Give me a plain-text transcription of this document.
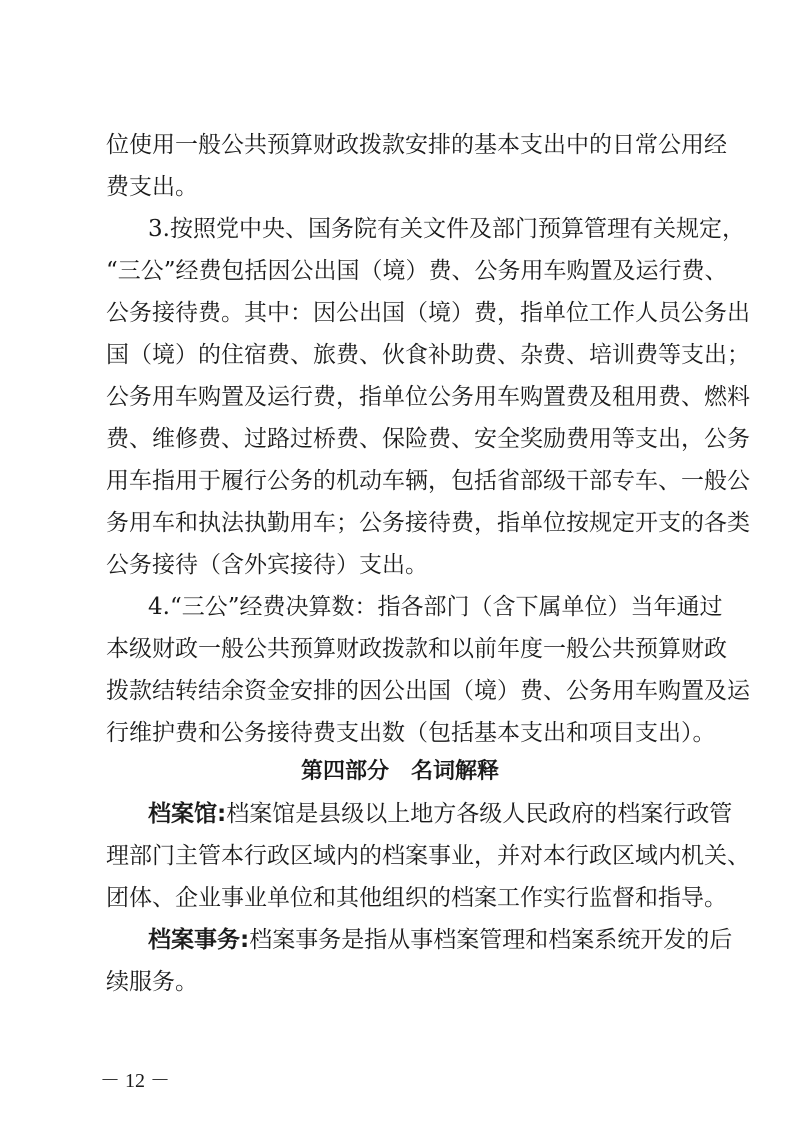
位使用一般公共预算财政拨款安排的基本支出中的日常公用经
费支出。
3.按照党中央、国务院有关文件及部门预算管理有关规定，
“三公”经费包括因公出国（境）费、公务用车购置及运行费、
公务接待费。其中：因公出国（境）费，指单位工作人员公务出
国（境）的住宿费、旅费、伙食补助费、杂费、培训费等支出；
公务用车购置及运行费，指单位公务用车购置费及租用费、燃料
费、维修费、过路过桥费、保险费、安全奖励费用等支出，公务
用车指用于履行公务的机动车辆，包括省部级干部专车、一般公
务用车和执法执勤用车；公务接待费，指单位按规定开支的各类
公务接待（含外宾接待）支出。
4.“三公”经费决算数：指各部门（含下属单位）当年通过
本级财政一般公共预算财政拨款和以前年度一般公共预算财政
拨款结转结余资金安排的因公出国（境）费、公务用车购置及运
行维护费和公务接待费支出数（包括基本支出和项目支出）。
第四部分　名词解释
档案馆:档案馆是县级以上地方各级人民政府的档案行政管
理部门主管本行政区域内的档案事业，并对本行政区域内机关、
团体、企业事业单位和其他组织的档案工作实行监督和指导。
档案事务:档案事务是指从事档案管理和档案系统开发的后
续服务。
－ 12 －
